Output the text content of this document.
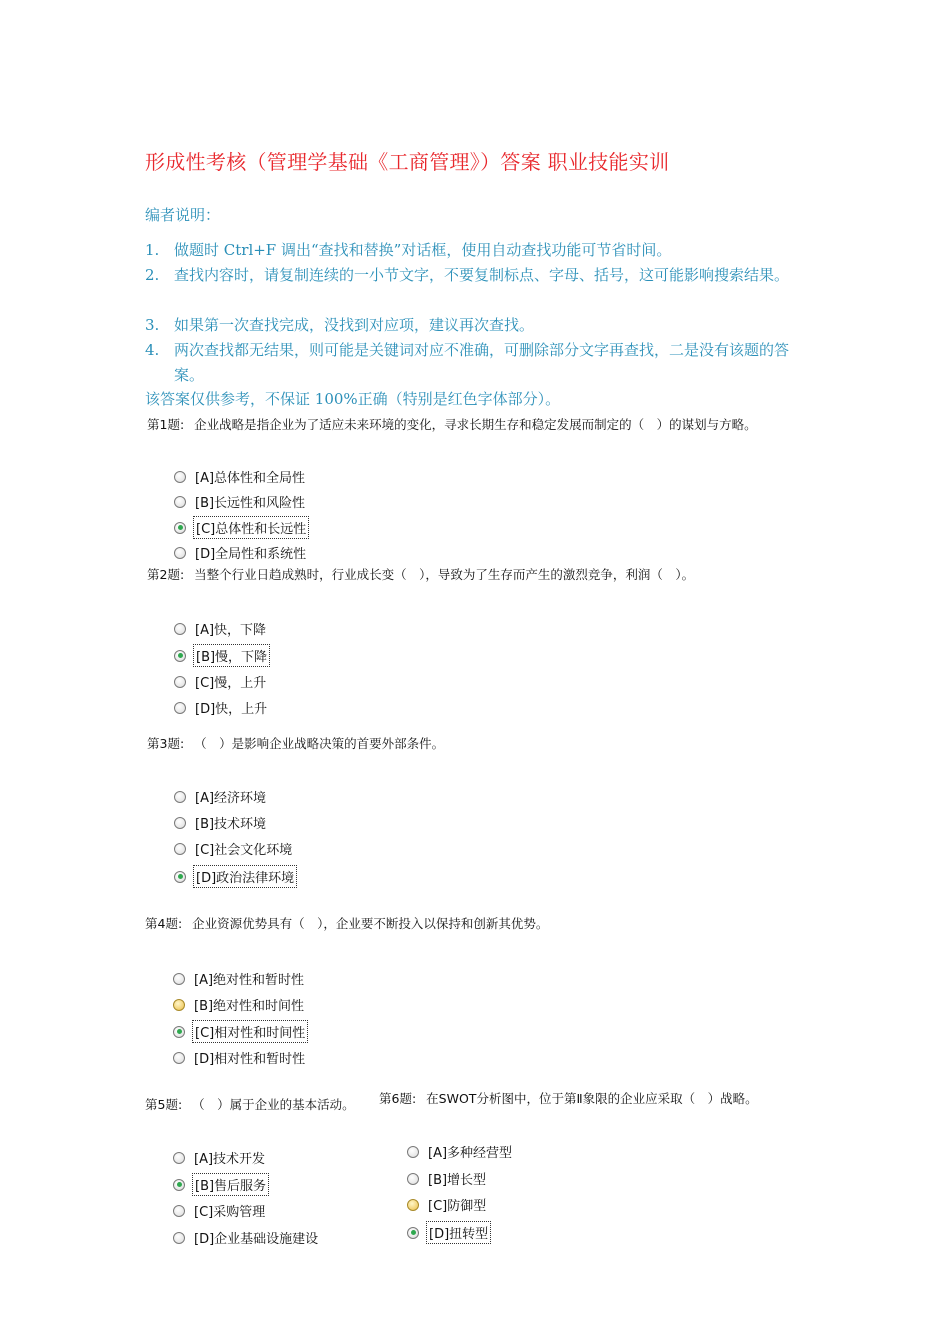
形成性考核（管理学基础《工商管理》）答案 职业技能实训
编者说明：
1. 做题时 Ctrl+F 调出“查找和替换”对话框，使用自动查找功能可节省时间。
2. 查找内容时，请复制连续的一小节文字，不要复制标点、字母、括号，这可能影响搜索结果。
3. 如果第一次查找完成，没找到对应项，建议再次查找。
4. 两次查找都无结果，则可能是关键词对应不准确，可删除部分文字再查找，二是没有该题的答案。
该答案仅供参考，不保证 100%正确（特别是红色字体部分）。
第1题: 企业战略是指企业为了适应未来环境的变化，寻求长期生存和稳定发展而制定的（　）的谋划与方略。
[A]总体性和全局性
[B]长远性和风险性
[C]总体性和长远性
[D]全局性和系统性
第2题: 当整个行业日趋成熟时，行业成长变（　），导致为了生存而产生的激烈竞争，利润（　）。
[A]快，下降
[B]慢，下降
[C]慢，上升
[D]快，上升
第3题: （　）是影响企业战略决策的首要外部条件。
[A]经济环境
[B]技术环境
[C]社会文化环境
[D]政治法律环境
第4题: 企业资源优势具有（　），企业要不断投入以保持和创新其优势。
[A]绝对性和暂时性
[B]绝对性和时间性
[C]相对性和时间性
[D]相对性和暂时性
第5题: （　）属于企业的基本活动。
[A]技术开发
[B]售后服务
[C]采购管理
[D]企业基础设施建设
第6题: 在SWOT分析图中，位于第Ⅱ象限的企业应采取（　）战略。
[A]多种经营型
[B]增长型
[C]防御型
[D]扭转型
